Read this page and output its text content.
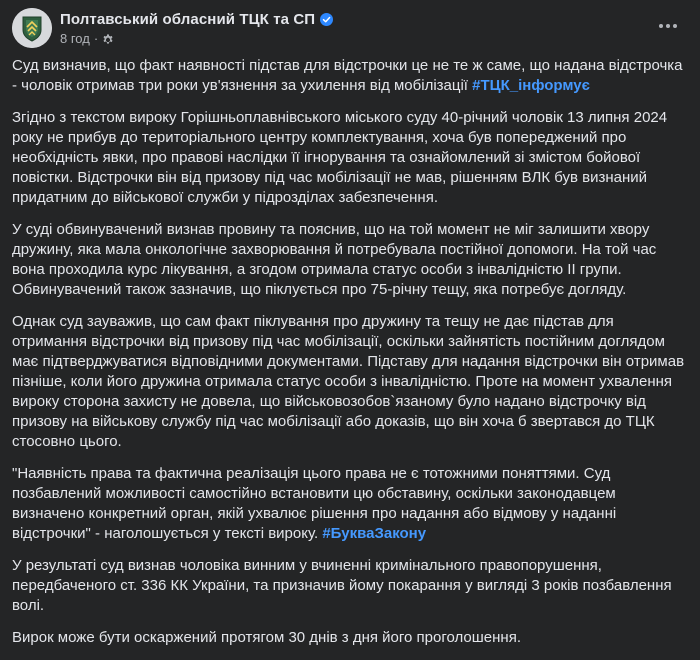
Полтавський обласний ТЦК та СП
8 год ·

Суд визначив, що факт наявності підстав для відстрочки це не те ж саме, що надана відстрочка - чоловік отримав три роки ув'язнення за ухилення від мобілізації #ТЦК_інформує

Згідно з текстом вироку Горішньоплавнівського міського суду 40-річний чоловік 13 липня 2024 року не прибув до територіального центру комплектування, хоча був попереджений про необхідність явки, про правові наслідки її ігнорування та ознайомлений зі змістом бойової повістки. Відстрочки він від призову під час мобілізації не мав, рішенням ВЛК був визнаний придатним до військової служби у підрозділах забезпечення.

У суді обвинувачений визнав провину та пояснив, що на той момент не міг залишити хвору дружину, яка мала онкологічне захворювання й потребувала постійної допомоги. На той час вона проходила курс лікування, а згодом отримала статус особи з інвалідністю II групи. Обвинувачений також зазначив, що піклується про 75-річну тещу, яка потребує догляду.

Однак суд зауважив, що сам факт піклування про дружину та тещу не дає підстав для отримання відстрочки від призову під час мобілізації, оскільки зайнятість постійним доглядом має підтверджуватися відповідними документами. Підставу для надання відстрочки він отримав пізніше, коли його дружина отримала статус особи з інвалідністю. Проте на момент ухвалення вироку сторона захисту не довела, що військовозобов`язаному було надано відстрочку від призову на військову службу під час мобілізації або доказів, що він хоча б звертався до ТЦК стосовно цього.

"Наявність права та фактична реалізація цього права не є тотожними поняттями. Суд позбавлений можливості самостійно встановити цю обставину, оскільки законодавцем визначено конкретний орган, якій ухвалює рішення про надання або відмову у наданні відстрочки" - наголошується у тексті вироку. #БукваЗакону

У результаті суд визнав чоловіка винним у вчиненні кримінального правопорушення, передбаченого ст. 336 КК України, та призначив йому покарання у вигляді 3 років позбавлення волі.

Вирок може бути оскаржений протягом 30 днів з дня його проголошення.
